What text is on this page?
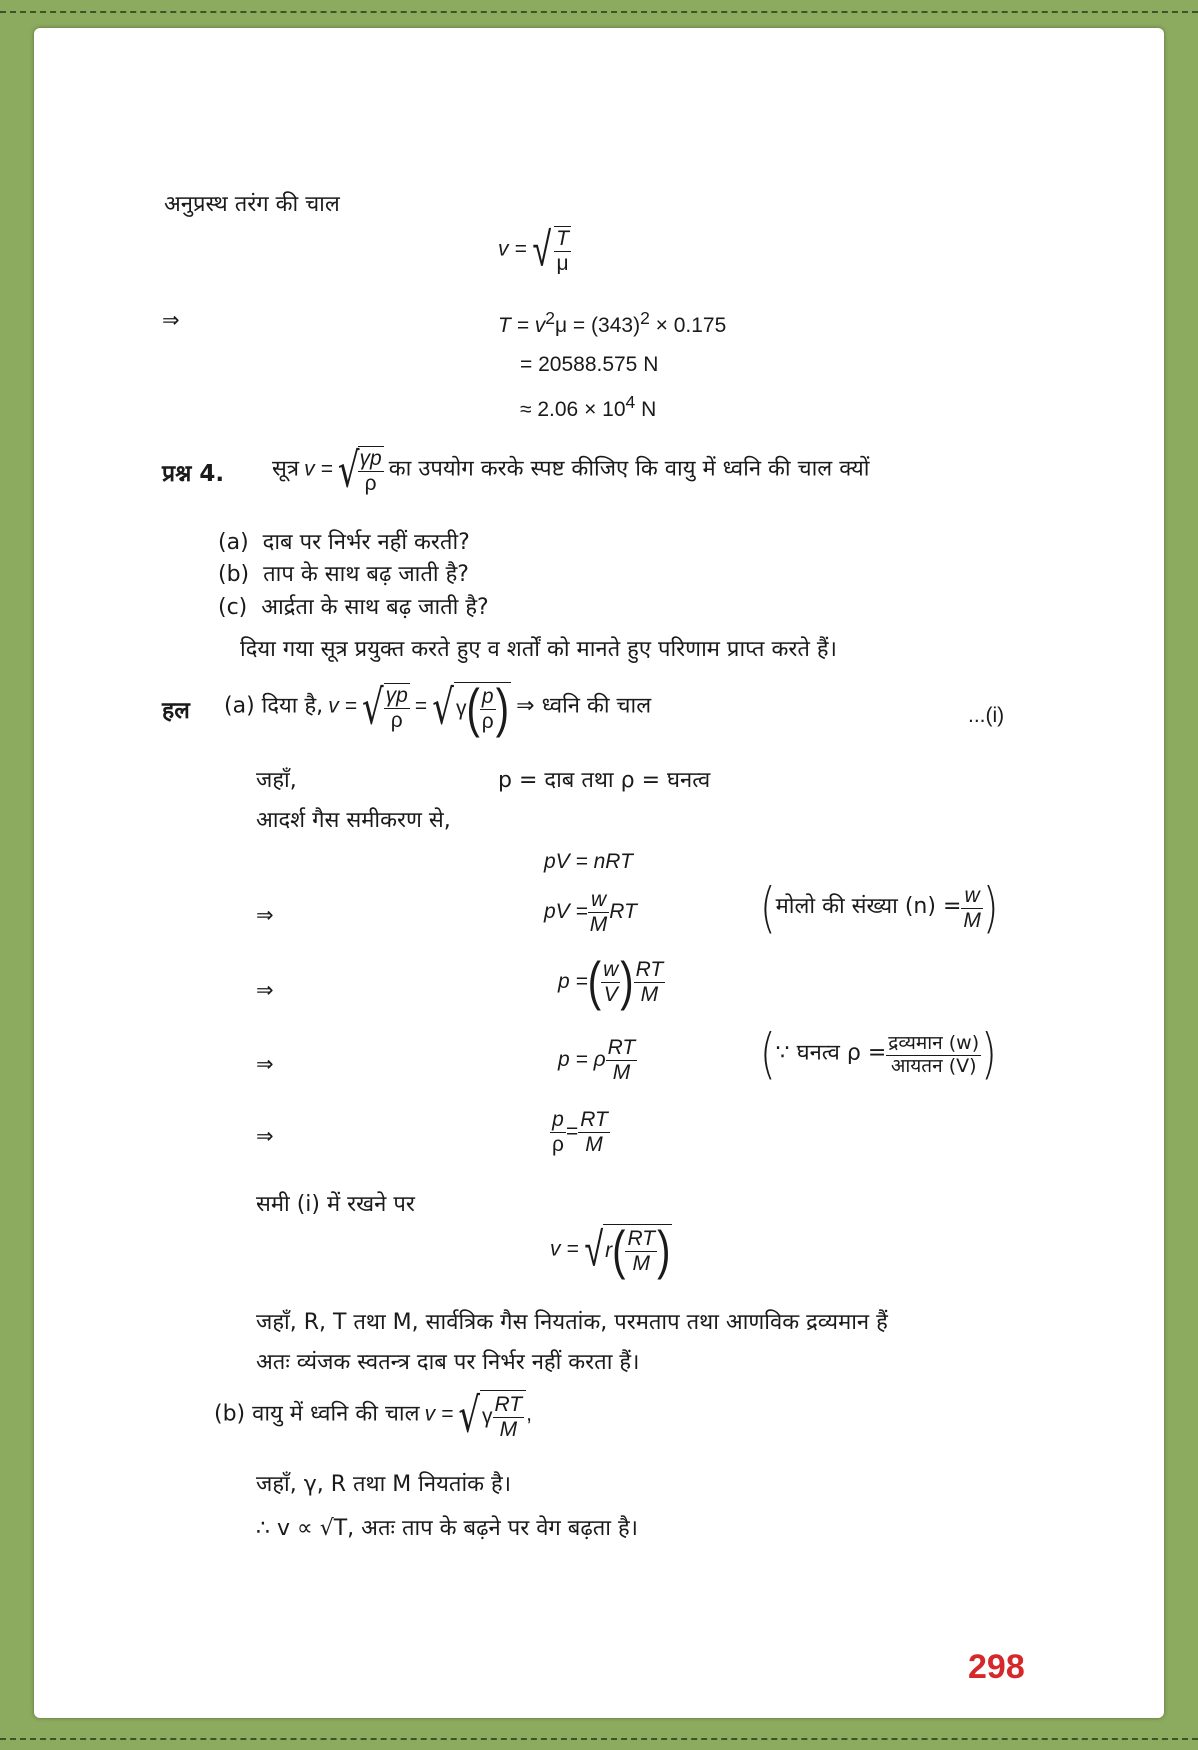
अनुप्रस्थ तरंग की चाल
v = √ $\frac{T}{\mu}$
⇒	$T = v^2\mu = (343)^2 \times 0.175$
= 20588.575 N
≈ $2.06 \times 10^4$ N
प्रश्न 4. सूत्र v = √
$\frac{\gamma p}{\rho}$ का उपयोग करके स्पष्ट कीजिए कि वायु में ध्वनि की चाल क्यों
(a) दाब पर निर्भर नहीं करती?
(b) ताप के साथ बढ़ जाती है?
(c) आर्द्रता के साथ बढ़ जाती है?
दिया गया सूत्र प्रयुक्त करते हुए व शर्तों को मानते हुए परिणाम प्राप्त करते हैं।
हल (a) दिया है, v = √ $\frac{\gamma p}{\rho} = √\gamma( \frac{p}{\rho}$ ) ⇒ ध्वनि की चाल	...(i)
जहाँ,	p = दाब तथा ρ = घनत्व
आदर्श गैस समीकरण से,
pV = nRT
⇒	pV = $\frac{w}{M}$ RT	(मोलो की संख्या $(n) = \frac{w}{M}$ )
⇒	p =( $\frac{w}{V}$ ) $\frac{RT}{M}$
⇒	p = ρ $\frac{RT}{M}$	(∵ घनत्व $\rho = \frac{\text{द्रव्यमान (w)}}{\text{आयतन (V)}}$ )
⇒	$\frac{p}{\rho} = \frac{RT}{M}$
समी (i) में रखने पर
$v = √r( \frac{RT}{M}$ )
जहाँ, R, T तथा M, सार्वत्रिक गैस नियतांक, परमताप तथा आणविक द्रव्यमान हैं
अतः व्यंजक स्वतन्त्र दाब पर निर्भर नहीं करता हैं।
(b) वायु में ध्वनि की चाल $v = √\gamma \frac{RT}{M}$ ,
जहाँ, γ, R तथा M नियतांक है।
∴ v ∝ √T, अतः ताप के बढ़ने पर वेग बढ़ता है।
298
